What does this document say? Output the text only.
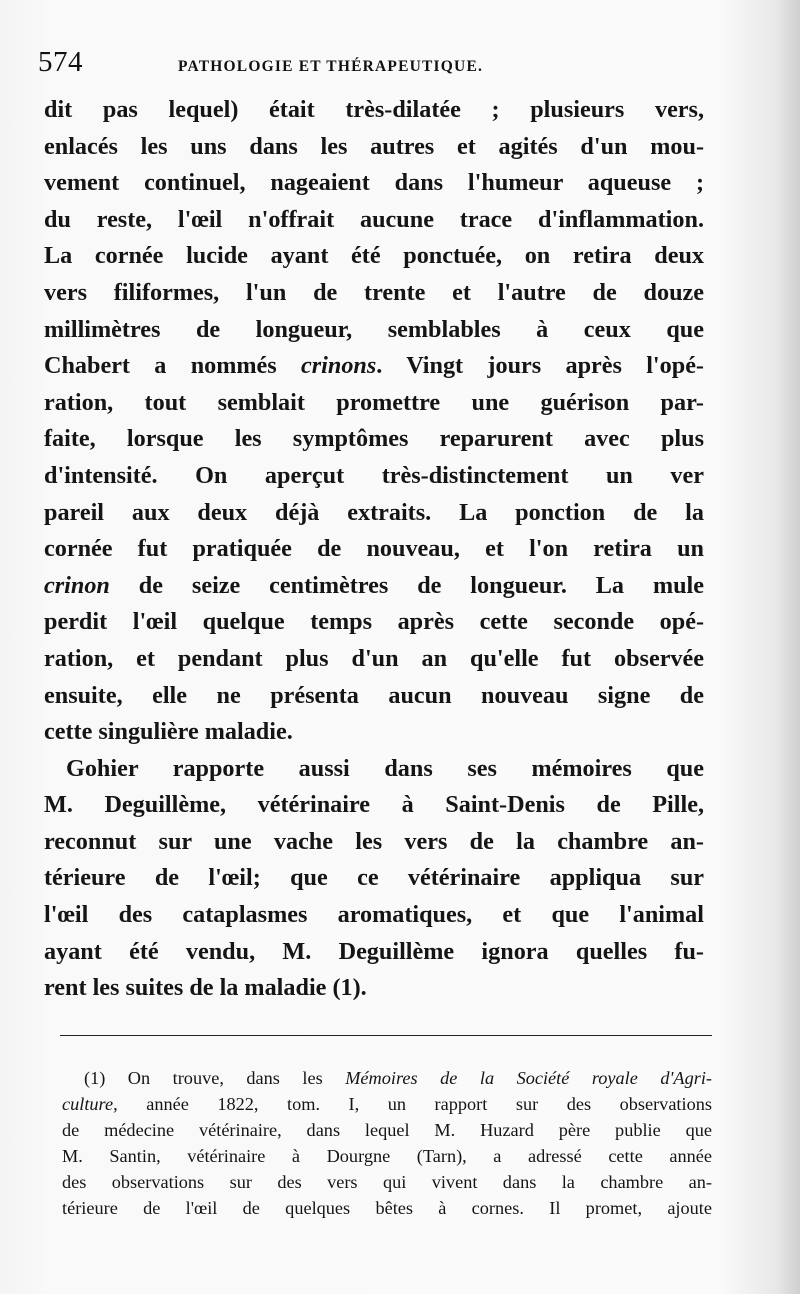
574	PATHOLOGIE ET THÉRAPEUTIQUE.
dit pas lequel) était très-dilatée ; plusieurs vers,
enlacés les uns dans les autres et agités d'un mou-
vement continuel, nageaient dans l'humeur aqueuse ;
du reste, l'œil n'offrait aucune trace d'inflammation.
La cornée lucide ayant été ponctuée, on retira deux
vers filiformes, l'un de trente et l'autre de douze
millimètres de longueur, semblables à ceux que
Chabert a nommés crinons. Vingt jours après l'opé-
ration, tout semblait promettre une guérison par-
faite, lorsque les symptômes reparurent avec plus
d'intensité. On aperçut très-distinctement un ver
pareil aux deux déjà extraits. La ponction de la
cornée fut pratiquée de nouveau, et l'on retira un
crinon de seize centimètres de longueur. La mule
perdit l'œil quelque temps après cette seconde opé-
ration, et pendant plus d'un an qu'elle fut observée
ensuite, elle ne présenta aucun nouveau signe de
cette singulière maladie.
Gohier rapporte aussi dans ses mémoires que
M. Deguillème, vétérinaire à Saint-Denis de Pille,
reconnut sur une vache les vers de la chambre an-
térieure de l'œil; que ce vétérinaire appliqua sur
l'œil des cataplasmes aromatiques, et que l'animal
ayant été vendu, M. Deguillème ignora quelles fu-
rent les suites de la maladie (1).
(1) On trouve, dans les Mémoires de la Société royale d'Agri-
culture, année 1822, tom. I, un rapport sur des observations
de médecine vétérinaire, dans lequel M. Huzard père publie que
M. Santin, vétérinaire à Dourgne (Tarn), a adressé cette année
des observations sur des vers qui vivent dans la chambre an-
térieure de l'œil de quelques bêtes à cornes. Il promet, ajoute
